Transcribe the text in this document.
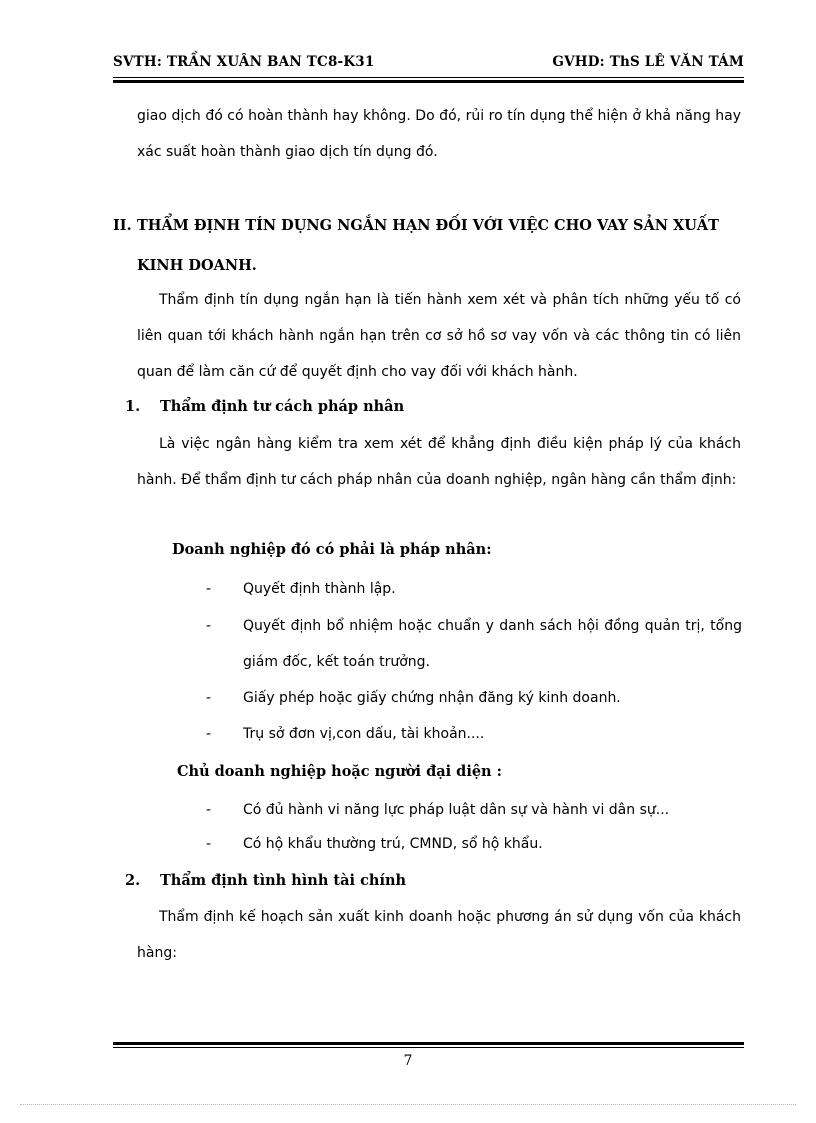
SVTH: TRẦN XUÂN BAN TC8-K31	GVHD: ThS LÊ VĂN TÁM

giao dịch đó có hoàn thành hay không. Do đó, rủi ro tín dụng thể hiện ở khả năng hay xác suất hoàn thành giao dịch tín dụng đó.

II. THẨM ĐỊNH TÍN DỤNG NGẮN HẠN ĐỐI VỚI VIỆC CHO VAY SẢN XUẤT
KINH DOANH.

Thẩm định tín dụng ngắn hạn là tiến hành xem xét và phân tích những yếu tố có liên quan tới khách hành ngắn hạn trên cơ sở hồ sơ vay vốn và các thông tin có liên quan để làm căn cứ để quyết định cho vay đối với khách hành.

1. Thẩm định tư cách pháp nhân

Là việc ngân hàng kiểm tra xem xét để khẳng định điều kiện pháp lý của khách hành. Để thẩm định tư cách pháp nhân của doanh nghiệp, ngân hàng cần thẩm định:

Doanh nghiệp đó có phải là pháp nhân:
- Quyết định thành lập.
- Quyết định bổ nhiệm hoặc chuẩn y danh sách hội đồng quản trị, tổng giám đốc, kết toán trưởng.
- Giấy phép hoặc giấy chứng nhận đăng ký kinh doanh.
- Trụ sở đơn vị,con dấu, tài khoản....
Chủ doanh nghiệp hoặc người đại diện :
- Có đủ hành vi năng lực pháp luật dân sự và hành vi dân sự...
- Có hộ khẩu thường trú, CMND, sổ hộ khẩu.
2. Thẩm định tình hình tài chính

Thẩm định kế hoạch sản xuất kinh doanh hoặc phương án sử dụng vốn của khách hàng:

7
